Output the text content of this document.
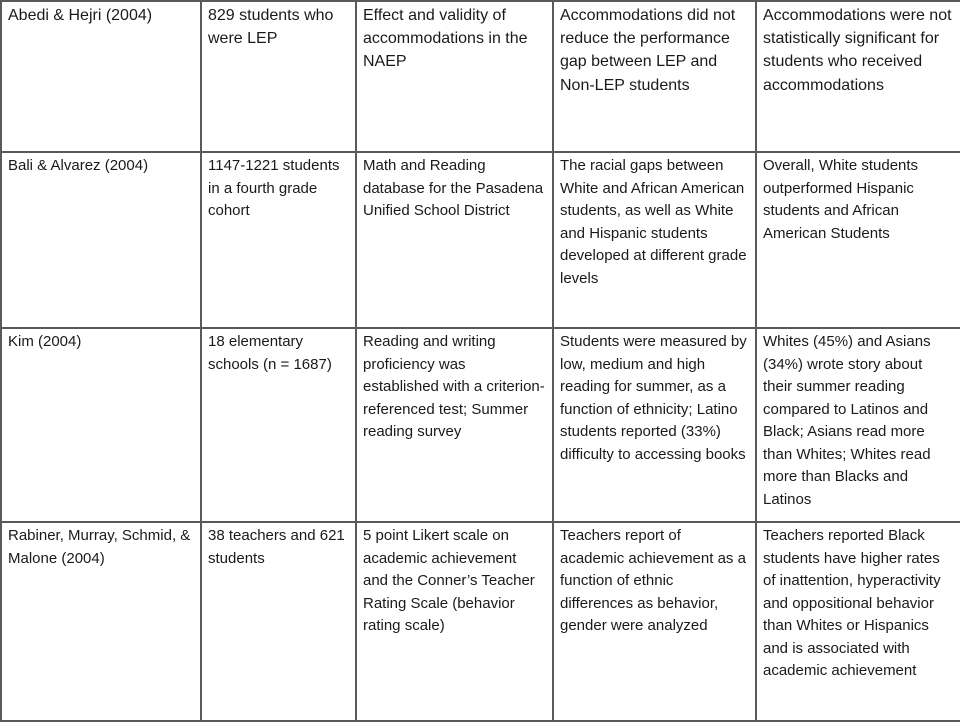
Abedi & Hejri (2004)	829 students who were LEP	Effect and validity of accommodations in the NAEP	Accommodations did not reduce the performance gap between LEP and Non-LEP students	Accommodations were not statistically significant for students who received accommodations
Bali & Alvarez (2004)	1147-1221 students in a fourth grade cohort	Math and Reading database for the Pasadena Unified School District	The racial gaps between White and African American students, as well as White and Hispanic students developed at different grade levels	Overall, White students outperformed Hispanic students and African American Students
Kim (2004)	18 elementary schools (n = 1687)	Reading and writing proficiency was established with a criterion-referenced test; Summer reading survey	Students were measured by low, medium and high reading for summer, as a function of ethnicity; Latino students reported (33%) difficulty to accessing books	Whites (45%) and Asians (34%) wrote story about their summer reading compared to Latinos and Black; Asians read more than Whites; Whites read more than Blacks and Latinos
Rabiner, Murray, Schmid, & Malone (2004)	38 teachers and 621 students	5 point Likert scale on academic achievement and the Conner’s Teacher Rating Scale (behavior rating scale)	Teachers report of academic achievement as a function of ethnic differences as behavior, gender were analyzed	Teachers reported Black students have higher rates of inattention, hyperactivity and oppositional behavior than Whites or Hispanics and is associated with academic achievement
